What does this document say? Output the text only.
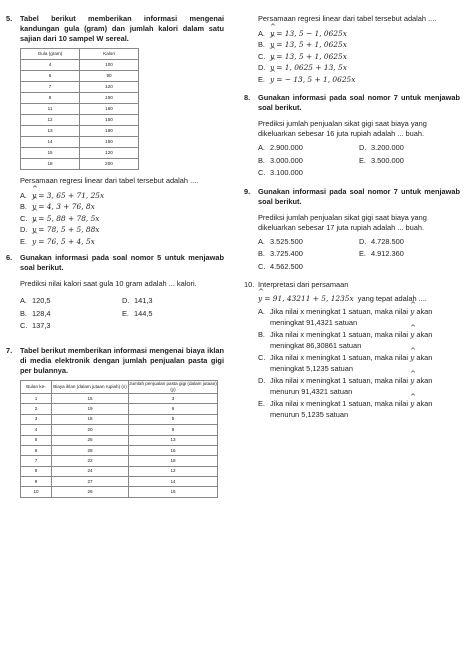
5.	Tabel berikut memberikan informasi mengenai kandungan gula (gram) dan jumlah kalori dalam satu sajian dari 10 sampel W sereal.
Gula (gram)	Kalori
4	100
6	90
7	120
8	150
11	160
12	150
13	180
14	150
15	120
18	200

Persamaan regresi linear dari tabel tersebut adalah ....

A. ^ y
= 3, 65 + 71, 25x
B. ^ y
= 4, 3 + 76, 8x
C. ^ y
= 5, 88 + 78, 5x
D. ^ y
= 78, 5 + 5, 88x
E. ^ y
= 76, 5 + 4, 5x
6.	Gunakan informasi pada soal nomor 5 untuk menjawab soal berikut.

Prediksi nilai kalori saat gula 10 gram adalah ... kalori.

A. 120,5	D. 141,3
B. 128,4	E. 144,5
C. 137,3
7.	Tabel berikut memberikan informasi mengenai biaya iklan di media elektronik dengan jumlah penjualan pasta gigi per bulannya.
Bulan ke-	Biaya iklan (dalam jutaan rupiah) (x)	Jumlah penjualan pasta gigi (dalam jutaan) (y)
1	15	3
2	19	6
3	18	5
4	20	8
5	25	13
6	28	16
7	22	18
8	24	12
9	27	14
10	26	16

Persamaan regresi linear dari tabel tersebut adalah ....

A. ^ y
= 13, 5 − 1, 0625x
B. ^ y
= 13, 5 + 1, 0625x
C. ^ y
= 13, 5 + 1, 0625x
D. ^ y
= 1, 0625 + 13, 5x
E. ^ y
= − 13, 5 + 1, 0625x
8.	Gunakan informasi pada soal nomor 7 untuk menjawab soal berikut.

Prediksi jumlah penjualan sikat gigi saat biaya yang dikeluarkan sebesar 16 juta rupiah adalah ... buah.

A. 2.900.000	D. 3.200.000
B. 3.000.000	E. 3.500.000
C. 3.100.000
9.	Gunakan informasi pada soal nomor 7 untuk menjawab soal berikut.

Prediksi jumlah penjualan sikat gigi saat biaya yang dikeluarkan sebesar 17 juta rupiah adalah ... buah.

A. 3.525.500	D. 4.728.500
B. 3.725.400	E. 4.912.360
C. 4.562.500
10. Interpretasi dari persamaan

^ y = 91, 43211 + 5, 1235x yang tepat adalah ....

A. Jika nilai x meningkat 1 satuan, maka nilai ^ y akan meningkat 91,4321 satuan
B. Jika nilai x meningkat 1 satuan, maka nilai ^ y akan meningkat 86,30861 satuan
C. Jika nilai x meningkat 1 satuan, maka nilai ^ y akan meningkat 5,1235 satuan
D. Jika nilai x meningkat 1 satuan, maka nilai ^ y akan menurun 91,4321 satuan
E. Jika nilai x meningkat 1 satuan, maka nilai ^ y akan menurun 5,1235 satuan
